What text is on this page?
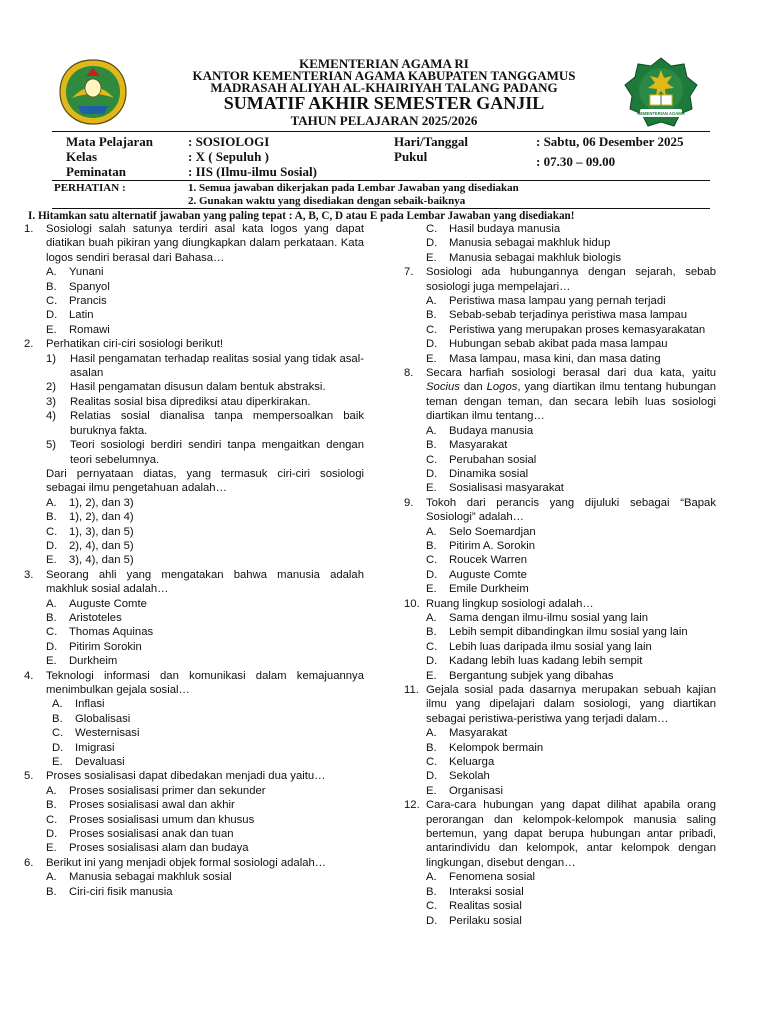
KEMENTERIAN AGAMA RI
KANTOR KEMENTERIAN AGAMA KABUPATEN TANGGAMUS
MADRASAH ALIYAH AL-KHAIRIYAH TALANG PADANG
SUMATIF AKHIR SEMESTER GANJIL
TAHUN PELAJARAN 2025/2026	KEMENTERIAN AGAMA
Mata Pelajaran	: SOSIOLOGI
Kelas	: X ( Sepuluh )
Peminatan	: IIS (Ilmu-ilmu Sosial)
Hari/Tanggal	: Sabtu, 06 Desember 2025
Pukul	: 07.30 – 09.00
PERHATIAN :	1. Semua jawaban dikerjakan pada Lembar Jawaban yang disediakan
2. Gunakan waktu yang disediakan dengan sebaik-baiknya
I. Hitamkan satu alternatif jawaban yang paling tepat : A, B, C, D atau E pada Lembar Jawaban yang disediakan!
1. Sosiologi salah satunya terdiri asal kata logos yang dapat diatikan buah pikiran yang diungkapkan dalam perkataan. Kata logos sendiri berasal dari Bahasa…
A. Yunani
B. Spanyol
C. Prancis
D. Latin
E. Romawi
2. Perhatikan ciri-ciri sosiologi berikut!
1) Hasil pengamatan terhadap realitas sosial yang tidak asal-asalan
2) Hasil pengamatan disusun dalam bentuk abstraksi.
3) Realitas sosial bisa diprediksi atau diperkirakan.
4) Relatias sosial dianalisa tanpa mempersoalkan baik buruknya fakta.
5) Teori sosiologi berdiri sendiri tanpa mengaitkan dengan teori sebelumnya.
Dari pernyataan diatas, yang termasuk ciri-ciri sosiologi sebagai ilmu pengetahuan adalah…
A. 1), 2), dan 3)
B. 1), 2), dan 4)
C. 1), 3), dan 5)
D. 2), 4), dan 5)
E. 3), 4), dan 5)
3. Seorang ahli yang mengatakan bahwa manusia adalah makhluk sosial adalah…
A. Auguste Comte
B. Aristoteles
C. Thomas Aquinas
D. Pitirim Sorokin
E. Durkheim
4. Teknologi informasi dan komunikasi dalam kemajuannya menimbulkan gejala sosial…
A. Inflasi
B. Globalisasi
C. Westernisasi
D. Imigrasi
E. Devaluasi
5. Proses sosialisasi dapat dibedakan menjadi dua yaitu…
A. Proses sosialisasi primer dan sekunder
B. Proses sosialisasi awal dan akhir
C. Proses sosialisasi umum dan khusus
D. Proses sosialisasi anak dan tuan
E. Proses sosialisasi alam dan budaya
6. Berikut ini yang menjadi objek formal sosiologi adalah…
A. Manusia sebagai makhluk sosial
B. Ciri-ciri fisik manusia
C. Hasil budaya manusia
D. Manusia sebagai makhluk hidup
E. Manusia sebagai makhluk biologis
7. Sosiologi ada hubungannya dengan sejarah, sebab sosiologi juga mempelajari…
A. Peristiwa masa lampau yang pernah terjadi
B. Sebab-sebab terjadinya peristiwa masa lampau
C. Peristiwa yang merupakan proses kemasyarakatan
D. Hubungan sebab akibat pada masa lampau
E. Masa lampau, masa kini, dan masa dating
8. Secara harfiah sosiologi berasal dari dua kata, yaitu Socius dan Logos, yang diartikan ilmu tentang hubungan teman dengan teman, dan secara lebih luas sosiologi diartikan ilmu tentang…
A. Budaya manusia
B. Masyarakat
C. Perubahan sosial
D. Dinamika sosial
E. Sosialisasi masyarakat
9. Tokoh dari perancis yang dijuluki sebagai “Bapak Sosiologi” adalah…
A. Selo Soemardjan
B. Pitirim A. Sorokin
C. Roucek Warren
D. Auguste Comte
E. Emile Durkheim
10. Ruang lingkup sosiologi adalah…
A. Sama dengan ilmu-ilmu sosial yang lain
B. Lebih sempit dibandingkan ilmu sosial yang lain
C. Lebih luas daripada ilmu sosial yang lain
D. Kadang lebih luas kadang lebih sempit
E. Bergantung subjek yang dibahas
11. Gejala sosial pada dasarnya merupakan sebuah kajian ilmu yang dipelajari dalam sosiologi, yang diartikan sebagai peristiwa-peristiwa yang terjadi dalam…
A. Masyarakat
B. Kelompok bermain
C. Keluarga
D. Sekolah
E. Organisasi
12. Cara-cara hubungan yang dapat dilihat apabila orang perorangan dan kelompok-kelompok manusia saling bertemun, yang dapat berupa hubungan antar pribadi, antarindividu dan kelompok, antar kelompok dengan lingkungan, disebut dengan…
A. Fenomena sosial
B. Interaksi sosial
C. Realitas sosial
D. Perilaku sosial
